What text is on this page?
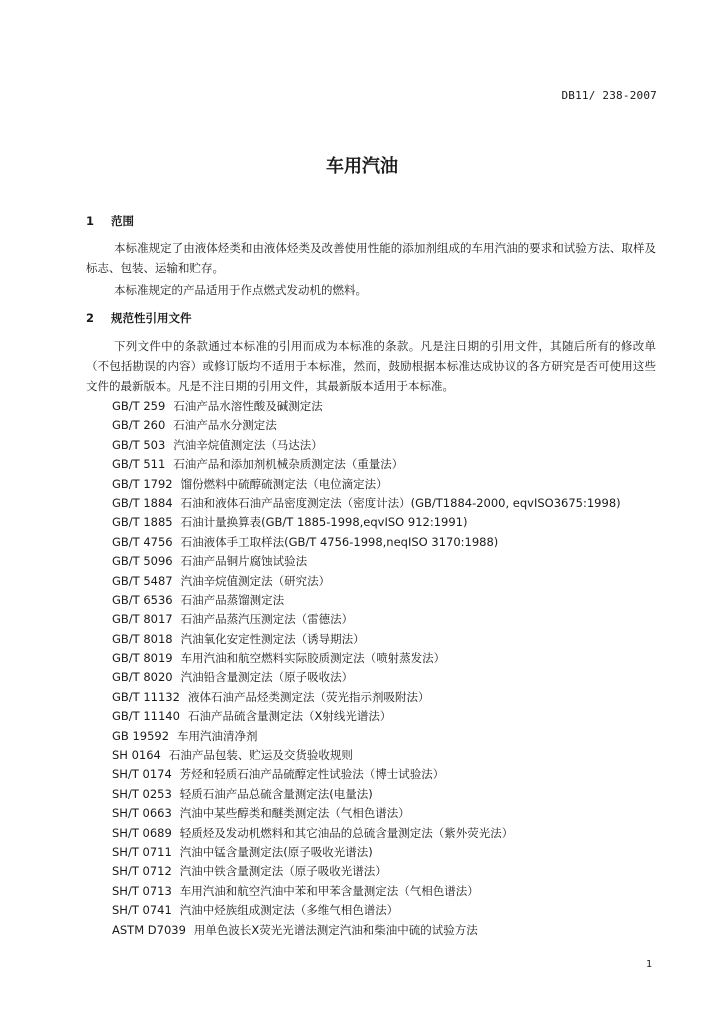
DB11/ 238-2007
车用汽油
1 范围
本标准规定了由液体烃类和由液体烃类及改善使用性能的添加剂组成的车用汽油的要求和试验方法、取样及标志、包装、运输和贮存。
本标准规定的产品适用于作点燃式发动机的燃料。
2 规范性引用文件
下列文件中的条款通过本标准的引用而成为本标准的条款。凡是注日期的引用文件，其随后所有的修改单（不包括勘误的内容）或修订版均不适用于本标准，然而，鼓励根据本标准达成协议的各方研究是否可使用这些文件的最新版本。凡是不注日期的引用文件，其最新版本适用于本标准。
GB/T 259 石油产品水溶性酸及碱测定法
GB/T 260 石油产品水分测定法
GB/T 503 汽油辛烷值测定法（马达法）
GB/T 511 石油产品和添加剂机械杂质测定法（重量法）
GB/T 1792 馏份燃料中硫醇硫测定法（电位滴定法）
GB/T 1884 石油和液体石油产品密度测定法（密度计法）(GB/T1884-2000, eqvISO3675:1998)
GB/T 1885 石油计量换算表(GB/T 1885-1998,eqvISO 912:1991)
GB/T 4756 石油液体手工取样法(GB/T 4756-1998,neqISO 3170:1988)
GB/T 5096 石油产品铜片腐蚀试验法
GB/T 5487 汽油辛烷值测定法（研究法）
GB/T 6536 石油产品蒸馏测定法
GB/T 8017 石油产品蒸汽压测定法（雷德法）
GB/T 8018 汽油氧化安定性测定法（诱导期法）
GB/T 8019 车用汽油和航空燃料实际胶质测定法（喷射蒸发法）
GB/T 8020 汽油铅含量测定法（原子吸收法）
GB/T 11132 液体石油产品烃类测定法（荧光指示剂吸附法）
GB/T 11140 石油产品硫含量测定法（X射线光谱法）
GB 19592 车用汽油清净剂
SH 0164 石油产品包装、贮运及交货验收规则
SH/T 0174 芳烃和轻质石油产品硫醇定性试验法（博士试验法）
SH/T 0253 轻质石油产品总硫含量测定法(电量法)
SH/T 0663 汽油中某些醇类和醚类测定法（气相色谱法）
SH/T 0689 轻质烃及发动机燃料和其它油品的总硫含量测定法（紫外荧光法）
SH/T 0711 汽油中锰含量测定法(原子吸收光谱法)
SH/T 0712 汽油中铁含量测定法（原子吸收光谱法）
SH/T 0713 车用汽油和航空汽油中苯和甲苯含量测定法（气相色谱法）
SH/T 0741 汽油中烃族组成测定法（多维气相色谱法）
ASTM D7039 用单色波长X荧光光谱法测定汽油和柴油中硫的试验方法
1
